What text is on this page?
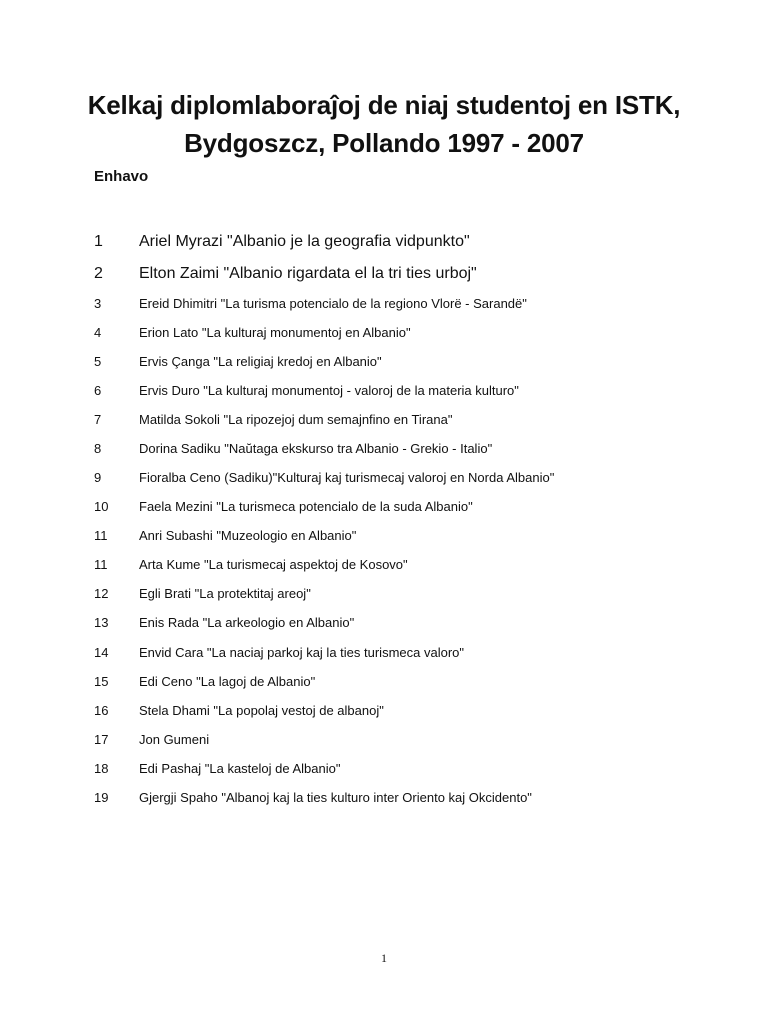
Kelkaj diplomlaboraĵoj de niaj studentoj en ISTK,
Bydgoszcz, Pollando 1997 - 2007
Enhavo
1 Ariel Myrazi "Albanio je la geografia vidpunkto"
2 Elton Zaimi "Albanio rigardata el la tri ties urboj"
3	Ereid Dhimitri "La turisma potencialo de la regiono Vlorë - Sarandë"
4	Erion Lato "La kulturaj monumentoj en Albanio"
5	Ervis Çanga "La religiaj kredoj en Albanio"
6	Ervis Duro "La kulturaj monumentoj - valoroj de la materia kulturo"
7	Matilda Sokoli "La ripozejoj dum semajnfino en Tirana"
8	Dorina Sadiku "Naŭtaga ekskurso tra Albanio - Grekio - Italio"
9	Fioralba Ceno (Sadiku)"Kulturaj kaj turismecaj valoroj en Norda Albanio"
10 Faela Mezini "La turismeca potencialo de la suda Albanio"
11 Anri Subashi "Muzeologio en Albanio"
11 Arta Kume "La turismecaj aspektoj de Kosovo"
12 Egli Brati "La protektitaj areoj"
13 Enis Rada "La arkeologio en Albanio"
14 Envid Cara "La naciaj parkoj kaj la ties turismeca valoro"
15 Edi Ceno "La lagoj de Albanio"
16 Stela Dhami "La popolaj vestoj de albanoj"
17 Jon Gumeni
18 Edi Pashaj "La kasteloj de Albanio"
19 Gjergji Spaho "Albanoj kaj la ties kulturo inter Oriento kaj Okcidento"
1
